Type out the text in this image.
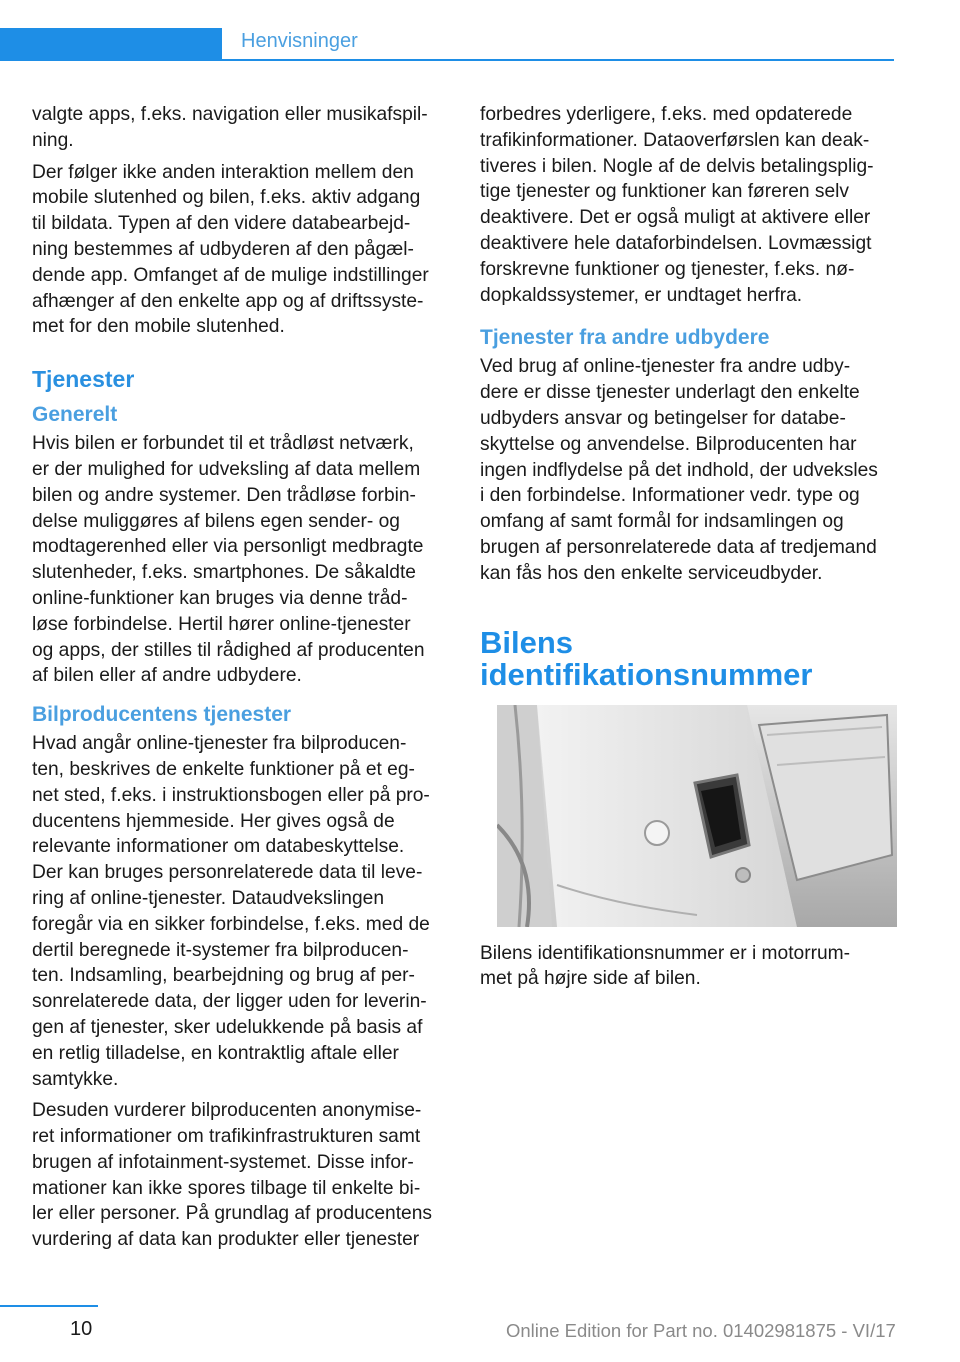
Henvisninger

valgte apps, f.eks. navigation eller musikafspil-
ning.

Der følger ikke anden interaktion mellem den
mobile slutenhed og bilen, f.eks. aktiv adgang
til bildata. Typen af den videre databearbejd-
ning bestemmes af udbyderen af den pågæl-
dende app. Omfanget af de mulige indstillinger
afhænger af den enkelte app og af driftssyste-
met for den mobile slutenhed.

Tjenester
Generelt

Hvis bilen er forbundet til et trådløst netværk,
er der mulighed for udveksling af data mellem
bilen og andre systemer. Den trådløse forbin-
delse muliggøres af bilens egen sender- og
modtagerenhed eller via personligt medbragte
slutenheder, f.eks. smartphones. De såkaldte
online-funktioner kan bruges via denne tråd-
løse forbindelse. Hertil hører online-tjenester
og apps, der stilles til rådighed af producenten
af bilen eller af andre udbydere.

Bilproducentens tjenester

Hvad angår online-tjenester fra bilproducen-
ten, beskrives de enkelte funktioner på et eg-
net sted, f.eks. i instruktionsbogen eller på pro-
ducentens hjemmeside. Her gives også de
relevante informationer om databeskyttelse.
Der kan bruges personrelaterede data til leve-
ring af online-tjenester. Dataudvekslingen
foregår via en sikker forbindelse, f.eks. med de
dertil beregnede it-systemer fra bilproducen-
ten. Indsamling, bearbejdning og brug af per-
sonrelaterede data, der ligger uden for leverin-
gen af tjenester, sker udelukkende på basis af
en retlig tilladelse, en kontraktlig aftale eller
samtykke.

Desuden vurderer bilproducenten anonymise-
ret informationer om trafikinfrastrukturen samt
brugen af infotainment-systemet. Disse infor-
mationer kan ikke spores tilbage til enkelte bi-
ler eller personer. På grundlag af producentens
vurdering af data kan produkter eller tjenester

forbedres yderligere, f.eks. med opdaterede
trafikinformationer. Dataoverførslen kan deak-
tiveres i bilen. Nogle af de delvis betalingsplig-
tige tjenester og funktioner kan føreren selv
deaktivere. Det er også muligt at aktivere eller
deaktivere hele dataforbindelsen. Lovmæssigt
forskrevne funktioner og tjenester, f.eks. nø-
dopkaldssystemer, er undtaget herfra.

Tjenester fra andre udbydere

Ved brug af online-tjenester fra andre udby-
dere er disse tjenester underlagt den enkelte
udbyders ansvar og betingelser for databe-
skyttelse og anvendelse. Bilproducenten har
ingen indflydelse på det indhold, der udveksles
i den forbindelse. Informationer vedr. type og
omfang af samt formål for indsamlingen og
brugen af personrelaterede data af tredjemand
kan fås hos den enkelte serviceudbyder.

Bilens
identifikationsnummer

Bilens identifikationsnummer er i motorrum-
met på højre side af bilen.

10	Online Edition for Part no. 01402981875 - VI/17
